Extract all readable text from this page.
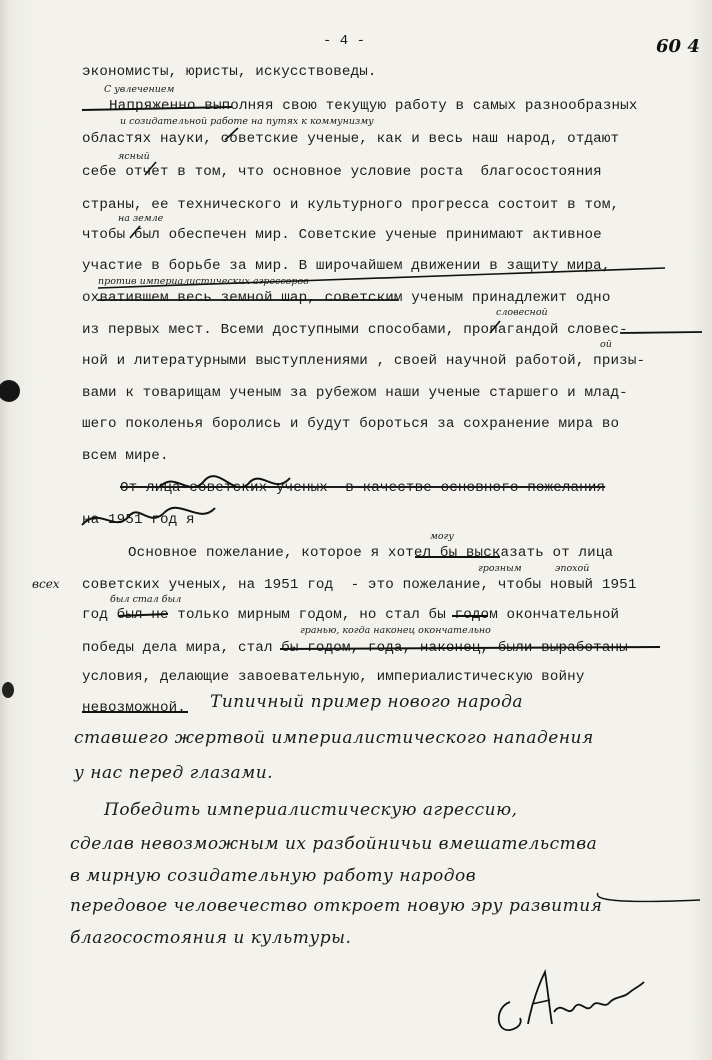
- 4 -	60 4
экономисты, юристы, искусствоведы.
Напряженно выполняя свою текущую работу в самых разнообразных
областях науки, советские ученые, как и весь наш народ, отдают
себе отчет в том, что основное условие роста  благосостояния
страны, ее технического и культурного прогресса состоит в том,
чтобы был обеспечен мир. Советские ученые принимают активное
участие в борьбе за мир. В широчайшем движении в защиту мира,
охватившем весь земной шар, советским ученым принадлежит одно
из первых мест. Всеми доступными способами, пропагандой словес-
ной и литературными выступлениями , своей научной работой, призы-
вами к товарищам ученым за рубежом наши ученые старшего и млад-
шего поколенья боролись и будут бороться за сохранение мира во
всем мире.
От лица советских ученых  в качестве основного пожелания
на 1951 год я
Основное пожелание, которое я хотел бы высказать от лица
советских ученых, на 1951 год  - это пожелание, чтобы новый 1951
год был не только мирным годом, но стал бы годом окончательной
победы дела мира, стал бы годом, года, наконец, были выработаны
условия, делающие завоевательную, империалистическую войну
невозможной.
С увлечением
и созидательной работе на путях к коммунизму
ясный
на земле
против империалистических агрессоров
словесной
ой
могу
всех
грозным	эпохой
был стал был
гранью, когда наконец окончательно
Типичный пример нового народа
ставшего жертвой империалистического нападения
у нас перед глазами.
Победить империалистическую агрессию,
сделав невозможным их разбойничьи вмешательства
в мирную созидательную работу народов
передовое человечество откроет новую эру развития
благосостояния и культуры.
